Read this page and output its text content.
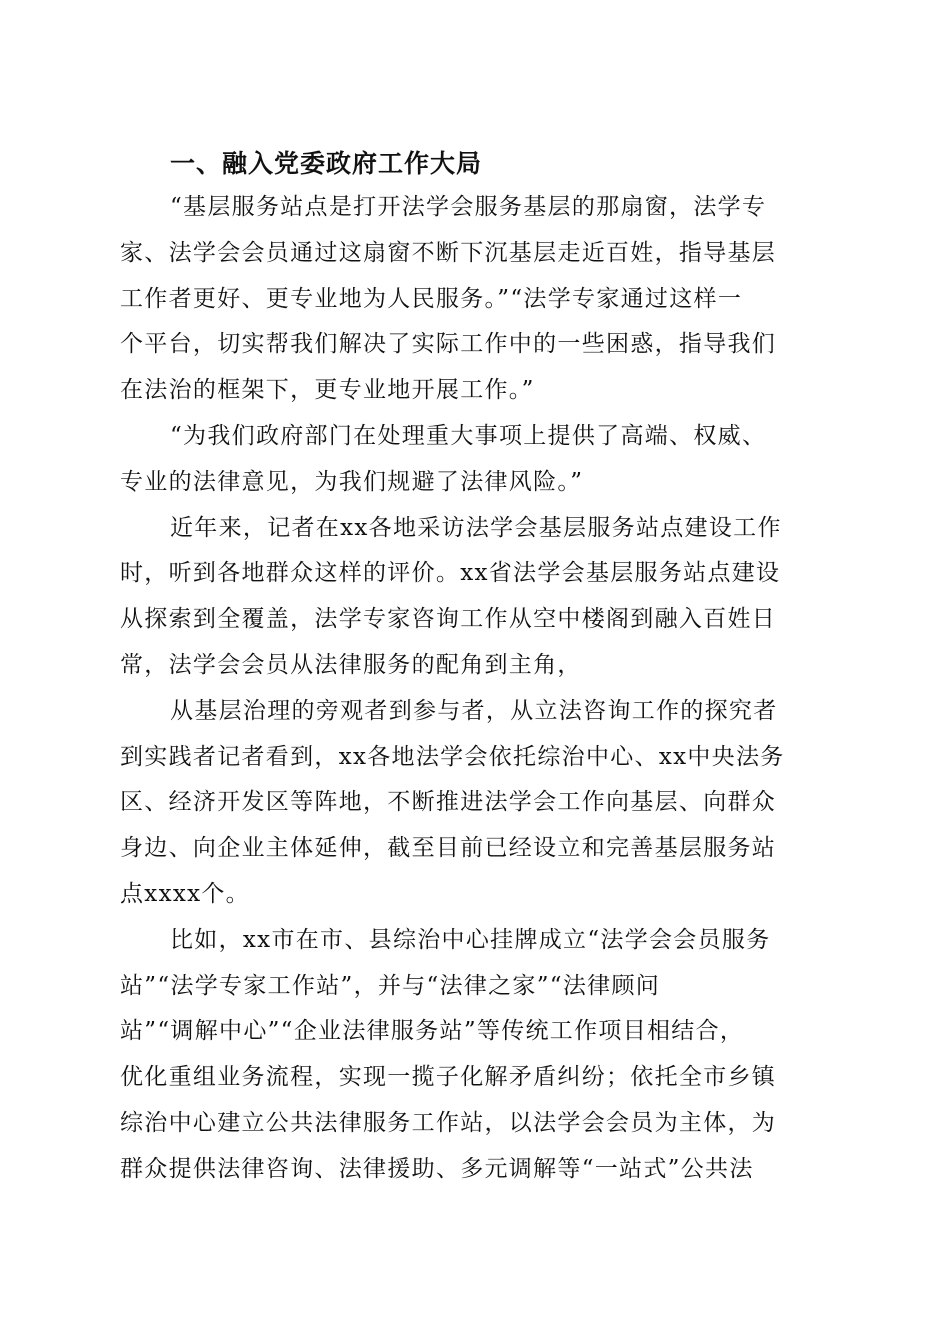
一、融入党委政府工作大局

“基层服务站点是打开法学会服务基层的那扇窗，法学专
家、法学会会员通过这扇窗不断下沉基层走近百姓，指导基层
工作者更好、更专业地为人民服务。”“法学专家通过这样一
个平台，切实帮我们解决了实际工作中的一些困惑，指导我们
在法治的框架下，更专业地开展工作。”

“为我们政府部门在处理重大事项上提供了高端、权威、
专业的法律意见，为我们规避了法律风险。”

近年来，记者在xx各地采访法学会基层服务站点建设工作
时，听到各地群众这样的评价。xx省法学会基层服务站点建设
从探索到全覆盖，法学专家咨询工作从空中楼阁到融入百姓日
常，法学会会员从法律服务的配角到主角，

从基层治理的旁观者到参与者，从立法咨询工作的探究者
到实践者记者看到，xx各地法学会依托综治中心、xx中央法务
区、经济开发区等阵地，不断推进法学会工作向基层、向群众
身边、向企业主体延伸，截至目前已经设立和完善基层服务站
点xxxx个。

比如，xx市在市、县综治中心挂牌成立“法学会会员服务
站”“法学专家工作站”，并与“法律之家”“法律顾问
站”“调解中心”“企业法律服务站”等传统工作项目相结合，
优化重组业务流程，实现一揽子化解矛盾纠纷；依托全市乡镇
综治中心建立公共法律服务工作站，以法学会会员为主体，为
群众提供法律咨询、法律援助、多元调解等“一站式”公共法
